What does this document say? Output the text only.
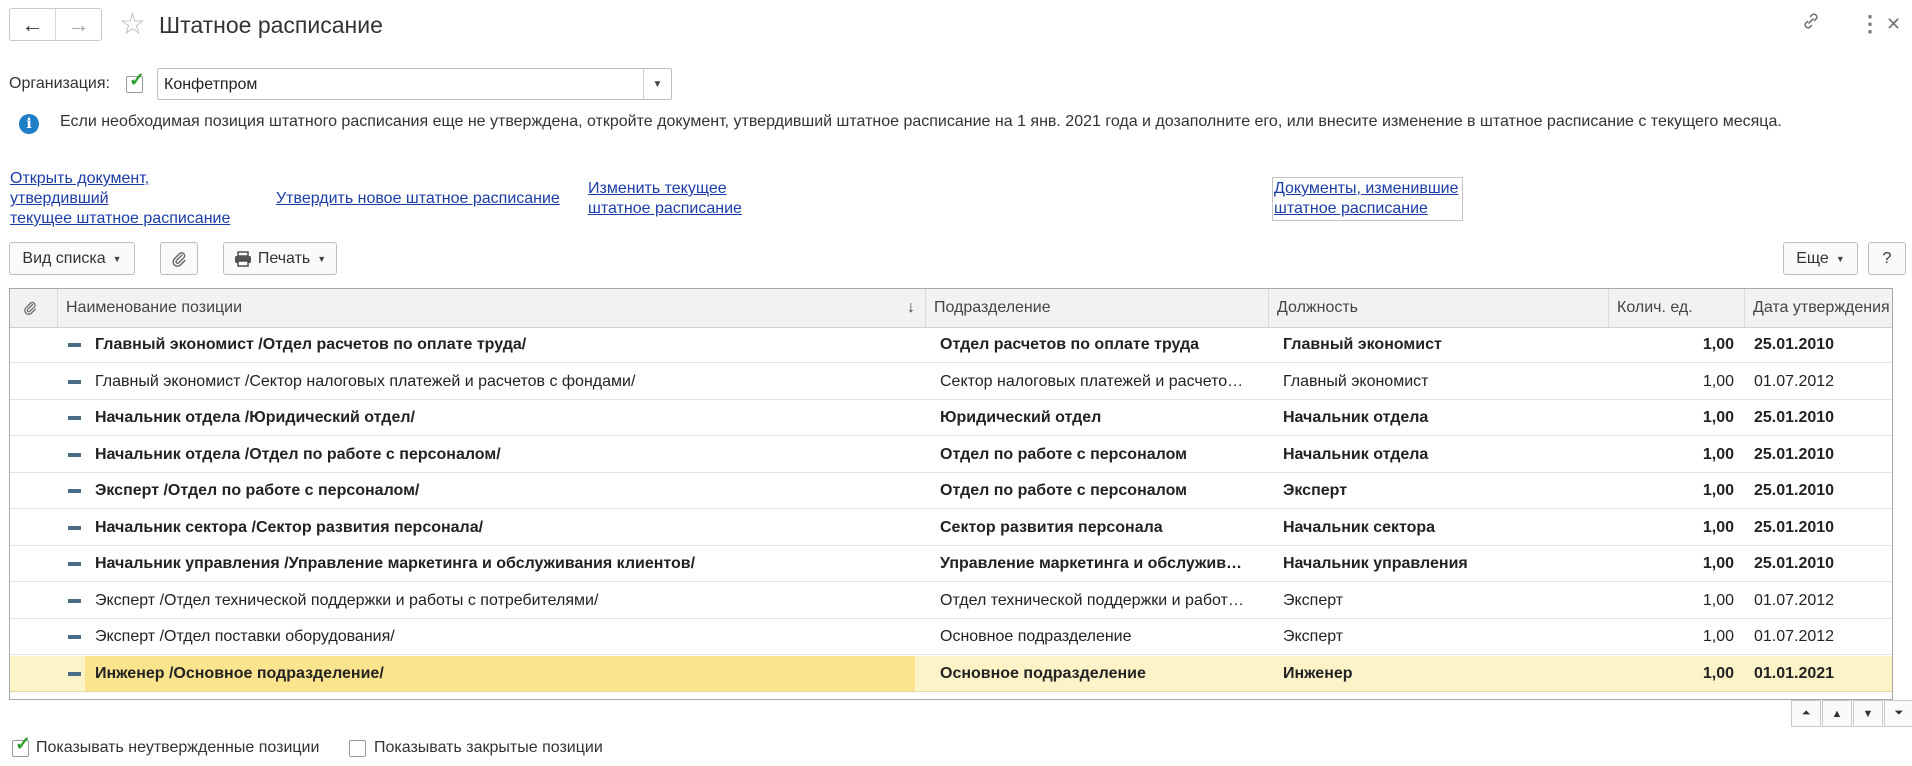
← → ☆ Штатное расписание	⋮ ✕
Организация: ✓ Конфетпром	▼
i	Если необходимая позиция штатного расписания еще не утверждена, откройте документ, утвердивший штатное расписание на 1 янв. 2021 года и дозаполните его, или внесите изменение в штатное расписание с текущего месяца.
Открыть документ,
утвердивший
текущее штатное расписание
Утвердить новое штатное расписание
Изменить текущее
штатное расписание
Документы, изменившие
штатное расписание
Вид списка ▼	Печать ▼	Еще ▼ ?
Наименование позиции	↓	Подразделение	Должность	Колич. ед.	Дата утверждения
Главный экономист /Отдел расчетов по оплате труда/	Отдел расчетов по оплате труда	Главный экономист	1,00	25.01.2010
Главный экономист /Сектор налоговых платежей и расчетов с фондами/	Сектор налоговых платежей и расчето…	Главный экономист	1,00	01.07.2012
Начальник отдела /Юридический отдел/	Юридический отдел	Начальник отдела	1,00	25.01.2010
Начальник отдела /Отдел по работе с персоналом/	Отдел по работе с персоналом	Начальник отдела	1,00	25.01.2010
Эксперт /Отдел по работе с персоналом/	Отдел по работе с персоналом	Эксперт	1,00	25.01.2010
Начальник сектора /Сектор развития персонала/	Сектор развития персонала	Начальник сектора	1,00	25.01.2010
Начальник управления /Управление маркетинга и обслуживания клиентов/	Управление маркетинга и обслужив…	Начальник управления	1,00	25.01.2010
Эксперт /Отдел технической поддержки и работы с потребителями/	Отдел технической поддержки и работ…	Эксперт	1,00	01.07.2012
Эксперт /Отдел поставки оборудования/	Основное подразделение	Эксперт	1,00	01.07.2012
Инженер /Основное подразделение/	Основное подразделение	Инженер	1,00	01.01.2021
⏶ ▲ ▼ ⏷
✓ Показывать неутвержденные позиции	Показывать закрытые позиции
